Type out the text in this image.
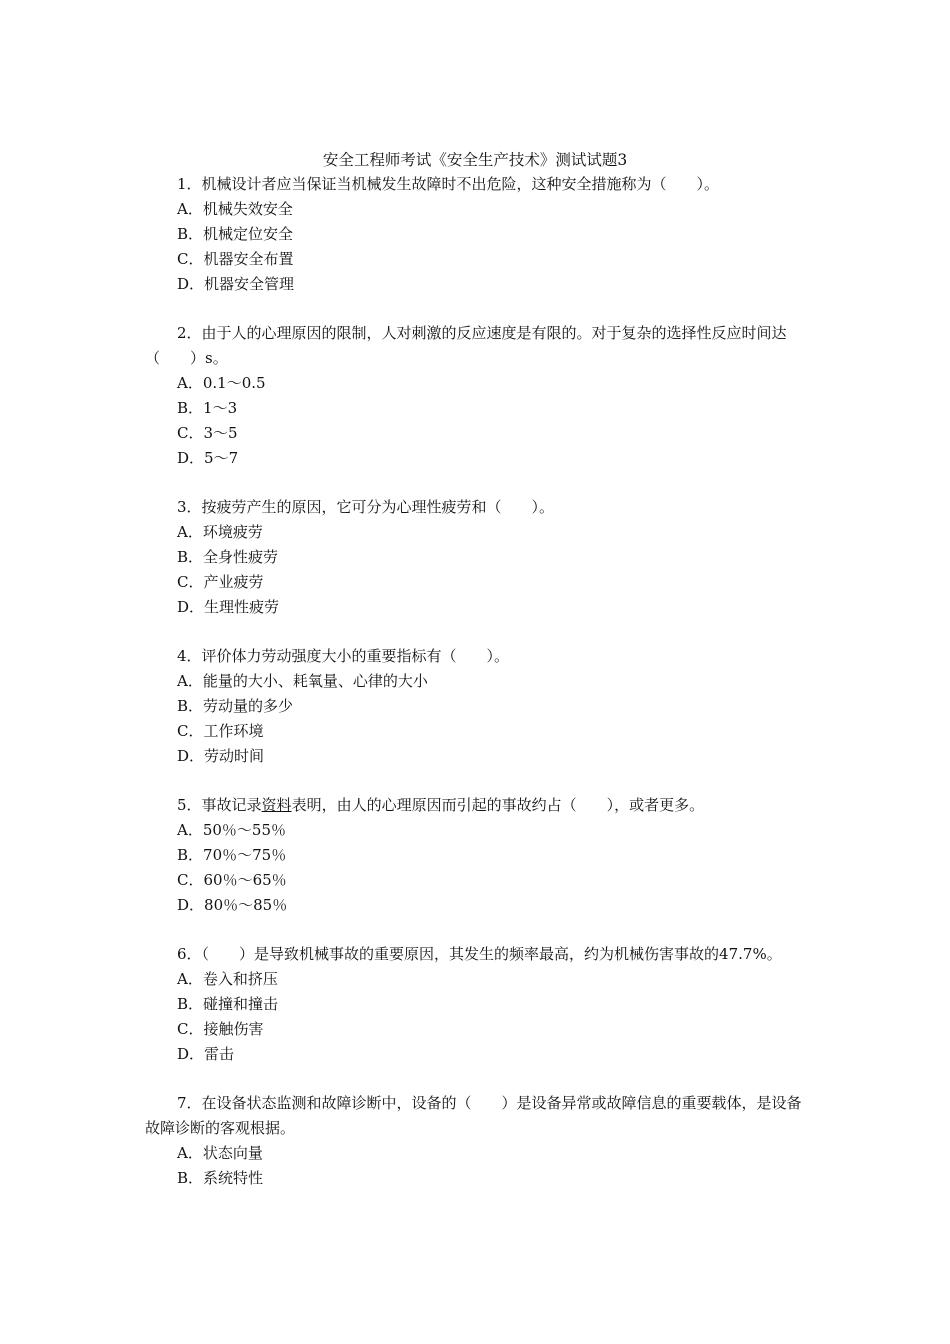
安全工程师考试《安全生产技术》测试试题3
1．机械设计者应当保证当机械发生故障时不出危险，这种安全措施称为（　　）。
A．机械失效安全
B．机械定位安全
C．机器安全布置
D．机器安全管理
2．由于人的心理原因的限制，人对刺激的反应速度是有限的。对于复杂的选择性反应时间达（　　）s。
A．0.1～0.5
B．1～3
C．3～5
D．5～7
3．按疲劳产生的原因，它可分为心理性疲劳和（　　）。
A．环境疲劳
B．全身性疲劳
C．产业疲劳
D．生理性疲劳
4．评价体力劳动强度大小的重要指标有（　　）。
A．能量的大小、耗氧量、心律的大小
B．劳动量的多少
C．工作环境
D．劳动时间
5．事故记录资料表明，由人的心理原因而引起的事故约占（　　），或者更多。
A．50％～55％
B．70％～75％
C．60％～65％
D．80％～85％
6．（　　）是导致机械事故的重要原因，其发生的频率最高，约为机械伤害事故的47.7%。
A．卷入和挤压
B．碰撞和撞击
C．接触伤害
D．雷击
7．在设备状态监测和故障诊断中，设备的（　　）是设备异常或故障信息的重要载体，是设备故障诊断的客观根据。
A．状态向量
B．系统特性
